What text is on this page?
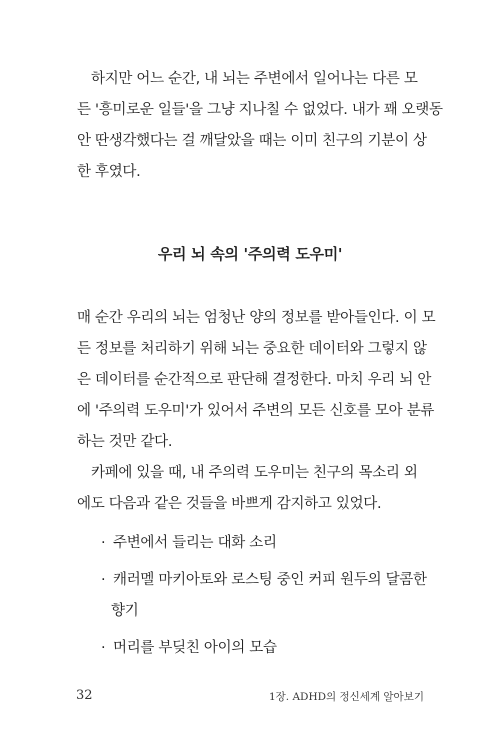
하지만 어느 순간, 내 뇌는 주변에서 일어나는 다른 모
든 '흥미로운 일들'을 그냥 지나칠 수 없었다. 내가 꽤 오랫동
안 딴생각했다는 걸 깨달았을 때는 이미 친구의 기분이 상
한 후였다.

우리 뇌 속의 '주의력 도우미'

매 순간 우리의 뇌는 엄청난 양의 정보를 받아들인다. 이 모
든 정보를 처리하기 위해 뇌는 중요한 데이터와 그렇지 않
은 데이터를 순간적으로 판단해 결정한다. 마치 우리 뇌 안
에 '주의력 도우미'가 있어서 주변의 모든 신호를 모아 분류
하는 것만 같다.

카페에 있을 때, 내 주의력 도우미는 친구의 목소리 외
에도 다음과 같은 것들을 바쁘게 감지하고 있었다.

· 주변에서 들리는 대화 소리
· 캐러멜 마키아토와 로스팅 중인 커피 원두의 달콤한
향기
· 머리를 부딪친 아이의 모습
32	1장. ADHD의 정신세계 알아보기
